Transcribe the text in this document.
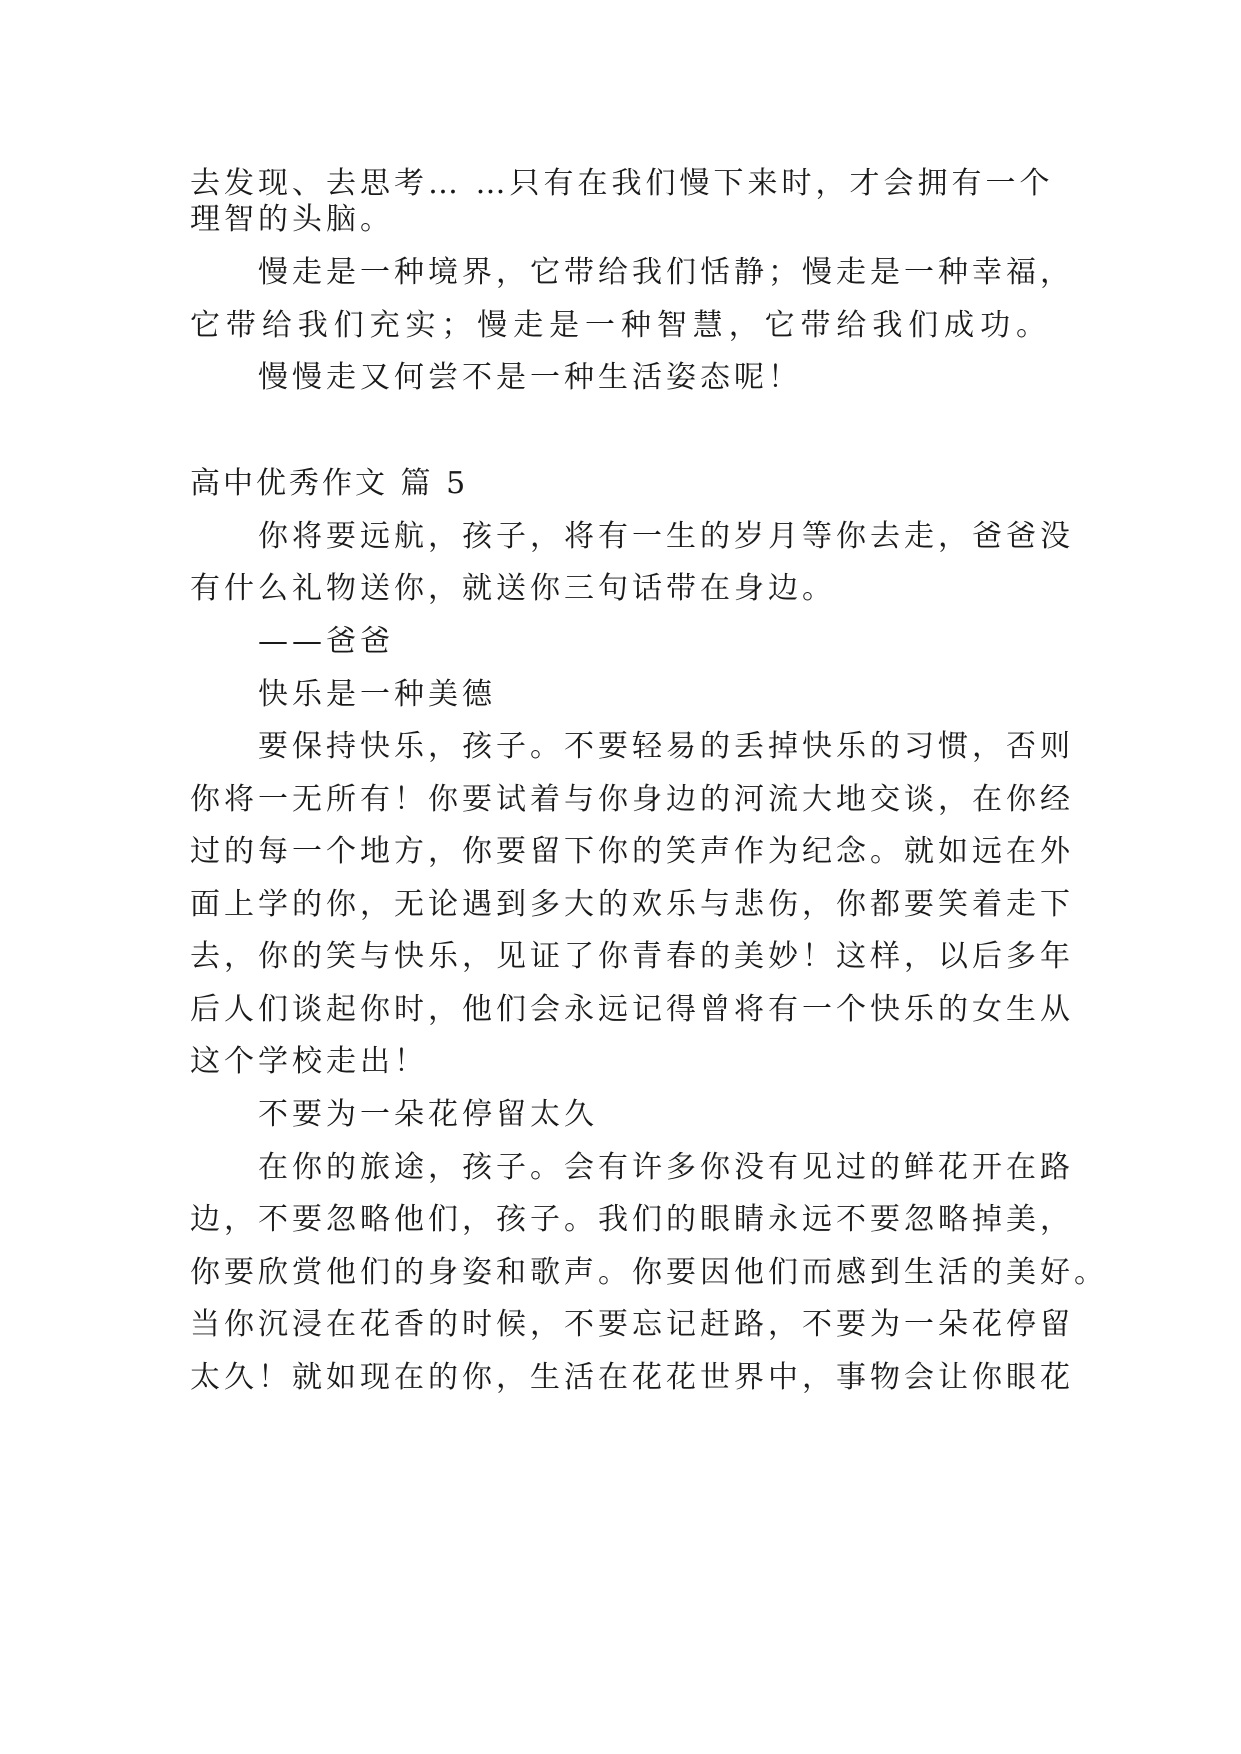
去发现、去思考… …只有在我们慢下来时，才会拥有一个
理智的头脑。
慢走是一种境界，它带给我们恬静；慢走是一种幸福，
它带给我们充实；慢走是一种智慧，它带给我们成功。
慢慢走又何尝不是一种生活姿态呢！
高中优秀作文 篇 5
你将要远航，孩子，将有一生的岁月等你去走，爸爸没
有什么礼物送你，就送你三句话带在身边。
——爸爸
快乐是一种美德
要保持快乐，孩子。不要轻易的丢掉快乐的习惯，否则
你将一无所有！你要试着与你身边的河流大地交谈，在你经
过的每一个地方，你要留下你的笑声作为纪念。就如远在外
面上学的你，无论遇到多大的欢乐与悲伤，你都要笑着走下
去，你的笑与快乐，见证了你青春的美妙！这样，以后多年
后人们谈起你时，他们会永远记得曾将有一个快乐的女生从
这个学校走出！
不要为一朵花停留太久
在你的旅途，孩子。会有许多你没有见过的鲜花开在路
边，不要忽略他们，孩子。我们的眼睛永远不要忽略掉美，
你要欣赏他们的身姿和歌声。你要因他们而感到生活的美好。
当你沉浸在花香的时候，不要忘记赶路，不要为一朵花停留
太久！就如现在的你，生活在花花世界中，事物会让你眼花
